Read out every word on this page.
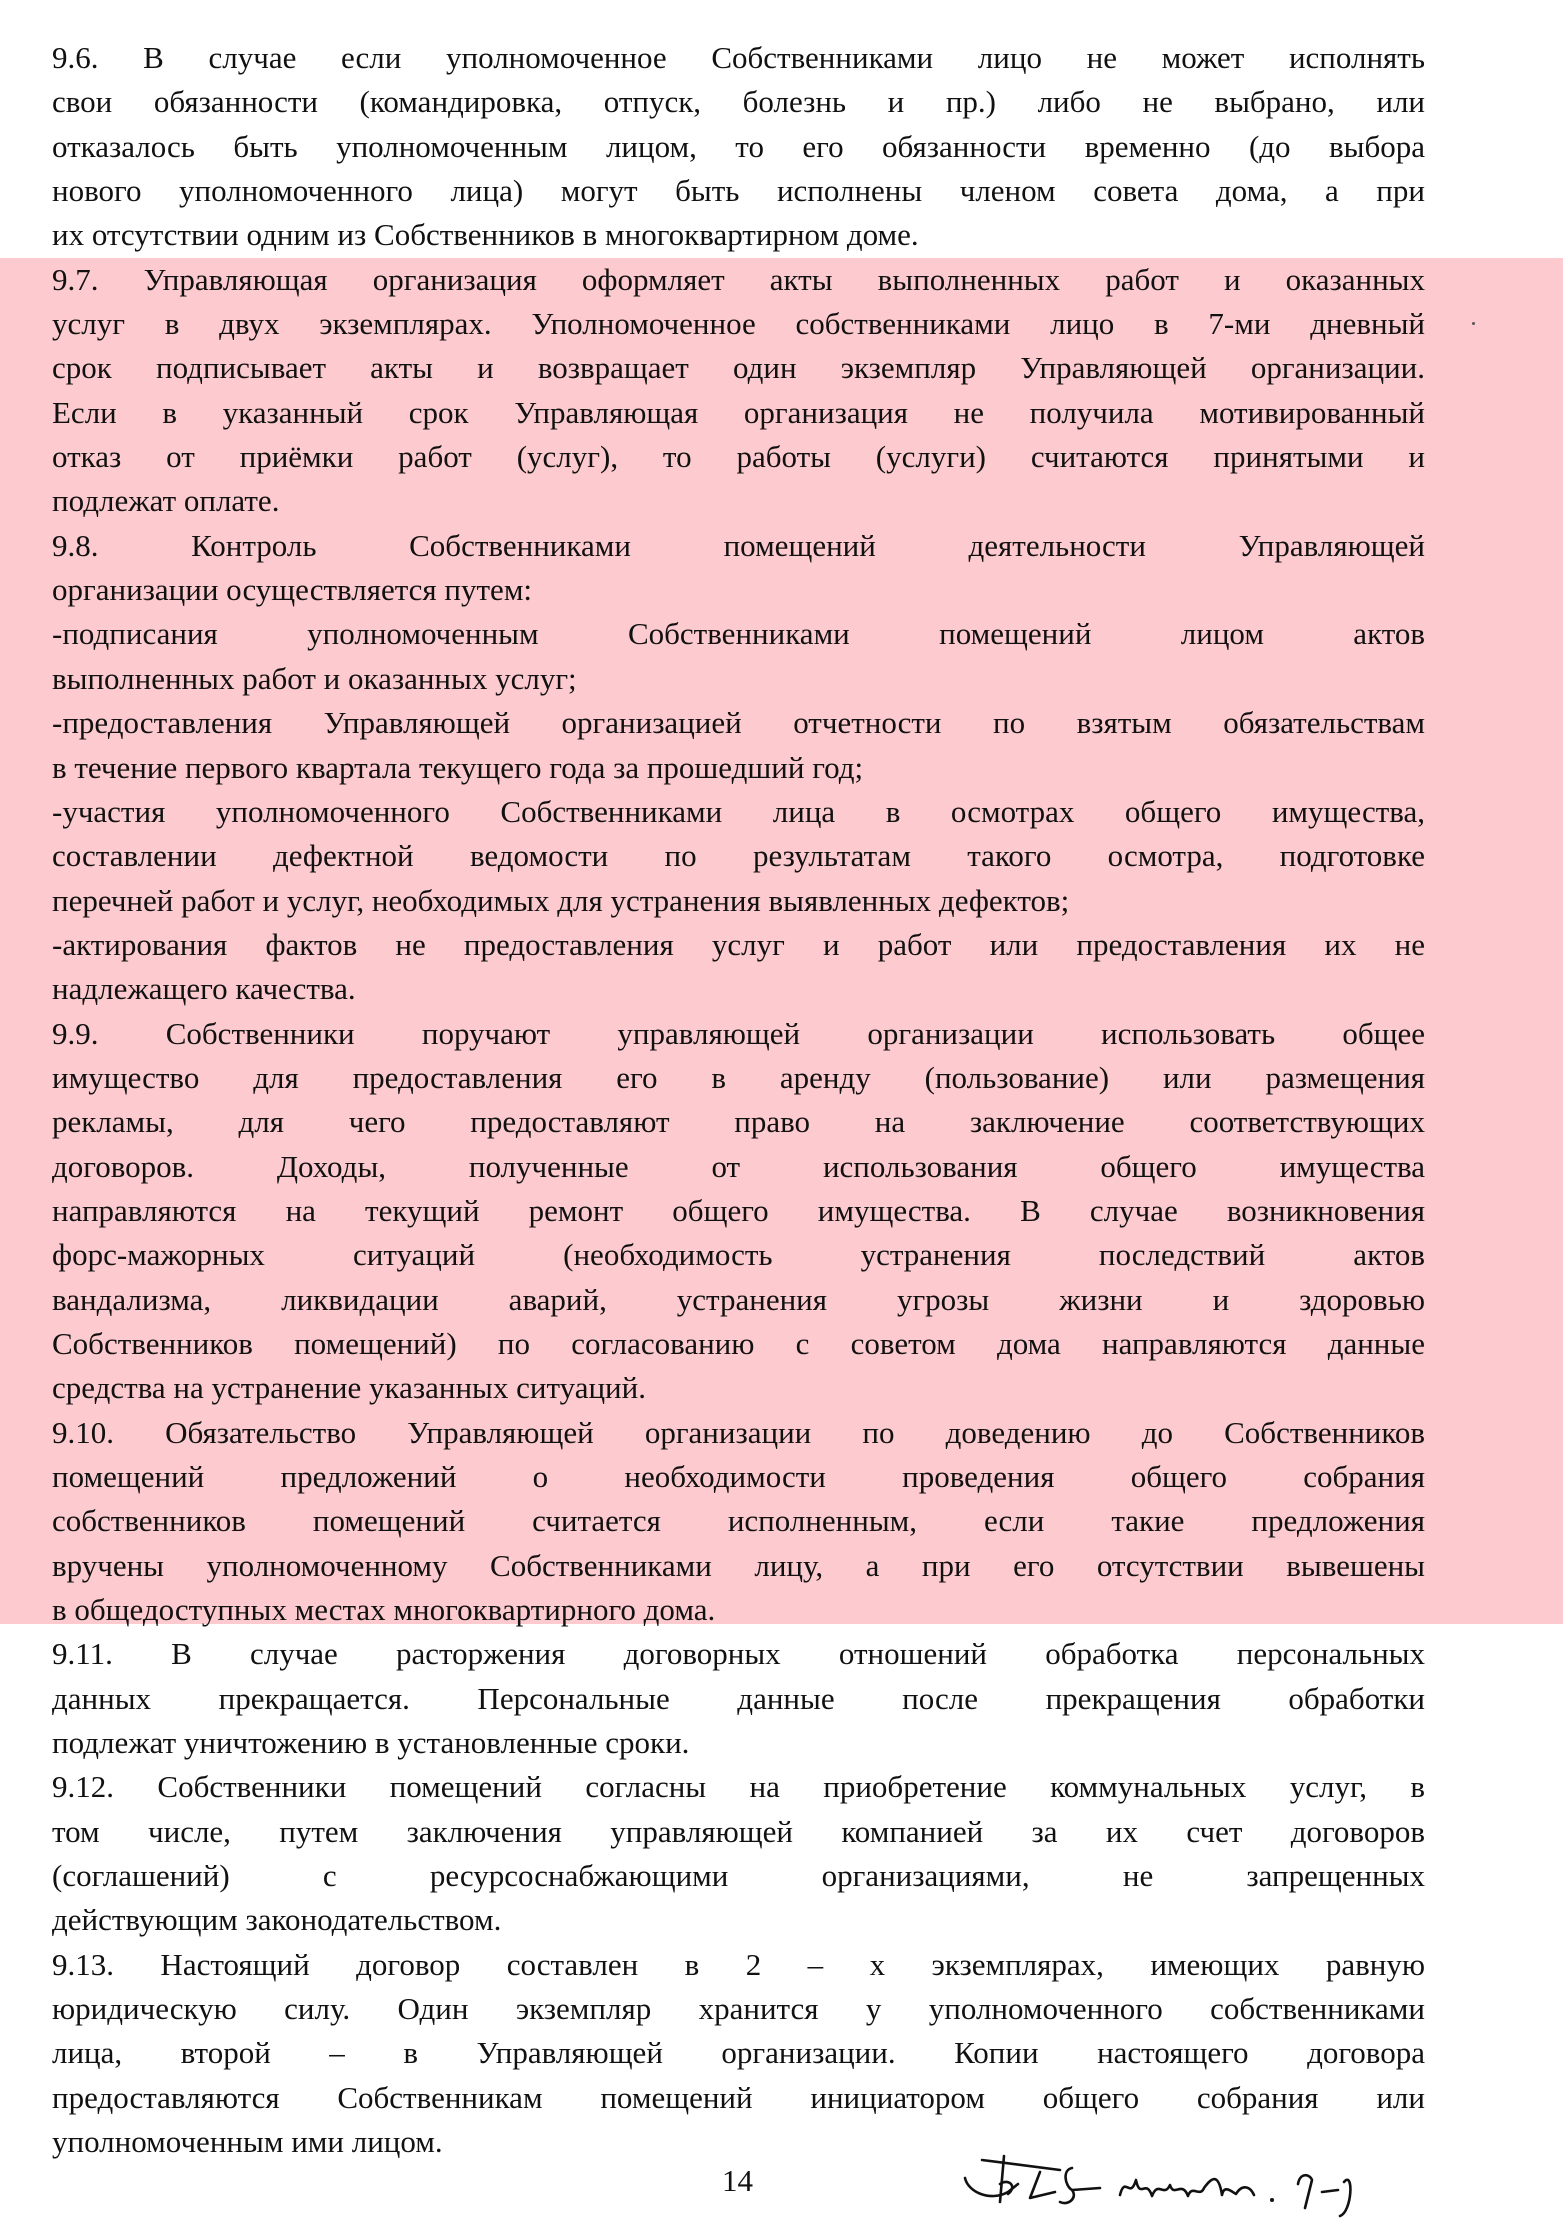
9.6. В случае если уполномоченное Собственниками лицо не может исполнять
свои обязанности (командировка, отпуск, болезнь и пр.) либо не выбрано, или
отказалось быть уполномоченным лицом, то его обязанности временно (до выбора
нового уполномоченного лица) могут быть исполнены членом совета дома, а при
их отсутствии одним из Собственников в многоквартирном доме.
9.7. Управляющая организация оформляет акты выполненных работ и оказанных
услуг в двух экземплярах. Уполномоченное собственниками лицо в 7-ми дневный
срок подписывает акты и возвращает один экземпляр Управляющей организации.
Если в указанный срок Управляющая организация не получила мотивированный
отказ от приёмки работ (услуг), то работы (услуги) считаются принятыми и
подлежат оплате.
9.8. Контроль Собственниками помещений деятельности Управляющей
организации осуществляется путем:
-подписания уполномоченным Собственниками помещений лицом актов
выполненных работ и оказанных услуг;
-предоставления Управляющей организацией отчетности по взятым обязательствам
в течение первого квартала текущего года за прошедший год;
-участия уполномоченного Собственниками лица в осмотрах общего имущества,
составлении дефектной ведомости по результатам такого осмотра, подготовке
перечней работ и услуг, необходимых для устранения выявленных дефектов;
-актирования фактов не предоставления услуг и работ или предоставления их не
надлежащего качества.
9.9. Собственники поручают управляющей организации использовать общее
имущество для предоставления его в аренду (пользование) или размещения
рекламы, для чего предоставляют право на заключение соответствующих
договоров. Доходы, полученные от использования общего имущества
направляются на текущий ремонт общего имущества. В случае возникновения
форс-мажорных ситуаций (необходимость устранения последствий актов
вандализма, ликвидации аварий, устранения угрозы жизни и здоровью
Собственников помещений) по согласованию с советом дома направляются данные
средства на устранение указанных ситуаций.
9.10. Обязательство Управляющей организации по доведению до Собственников
помещений предложений о необходимости проведения общего собрания
собственников помещений считается исполненным, если такие предложения
вручены уполномоченному Собственниками лицу, а при его отсутствии вывешены
в общедоступных местах многоквартирного дома.
9.11. В случае расторжения договорных отношений обработка персональных
данных прекращается. Персональные данные после прекращения обработки
подлежат уничтожению в установленные сроки.
9.12. Собственники помещений согласны на приобретение коммунальных услуг, в
том числе, путем заключения управляющей компанией за их счет договоров
(соглашений) с ресурсоснабжающими организациями, не запрещенных
действующим законодательством.
9.13. Настоящий договор составлен в 2 – х экземплярах, имеющих равную
юридическую силу. Один экземпляр хранится у уполномоченного собственниками
лица, второй – в Управляющей организации. Копии настоящего договора
предоставляются Собственникам помещений инициатором общего собрания или
уполномоченным ими лицом.
14
